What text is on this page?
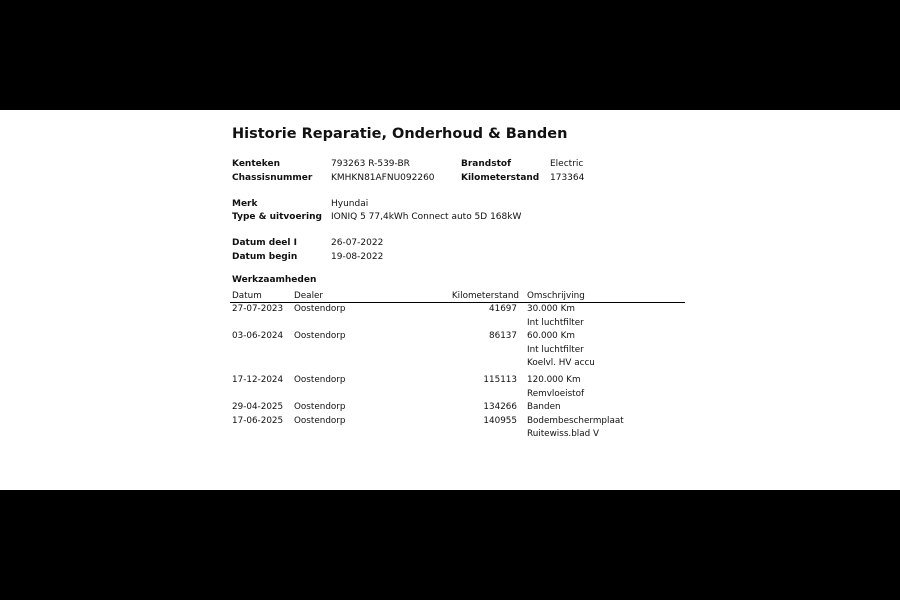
Historie Reparatie, Onderhoud & Banden
Kenteken	793263 R-539-BR	Brandstof	Electric
Chassisnummer KMHKN81AFNU092260	Kilometerstand 173364
Merk	Hyundai
Type & uitvoering IONIQ 5 77,4kWh Connect auto 5D 168kW
Datum deel I	26-07-2022
Datum begin	19-08-2022
Werkzaamheden
Datum	Dealer	Kilometerstand	Omschrijving
27-07-2023	Oostendorp	41697	30.000 Km
Int luchtfilter

03-06-2024	Oostendorp	86137	60.000 Km
Int luchtfilter
Koelvl. HV accu

17-12-2024	Oostendorp	115113	120.000 Km
Remvloeistof

29-04-2025	Oostendorp	134266	Banden

17-06-2025	Oostendorp	140955	Bodembeschermplaat
Ruitewiss.blad V
